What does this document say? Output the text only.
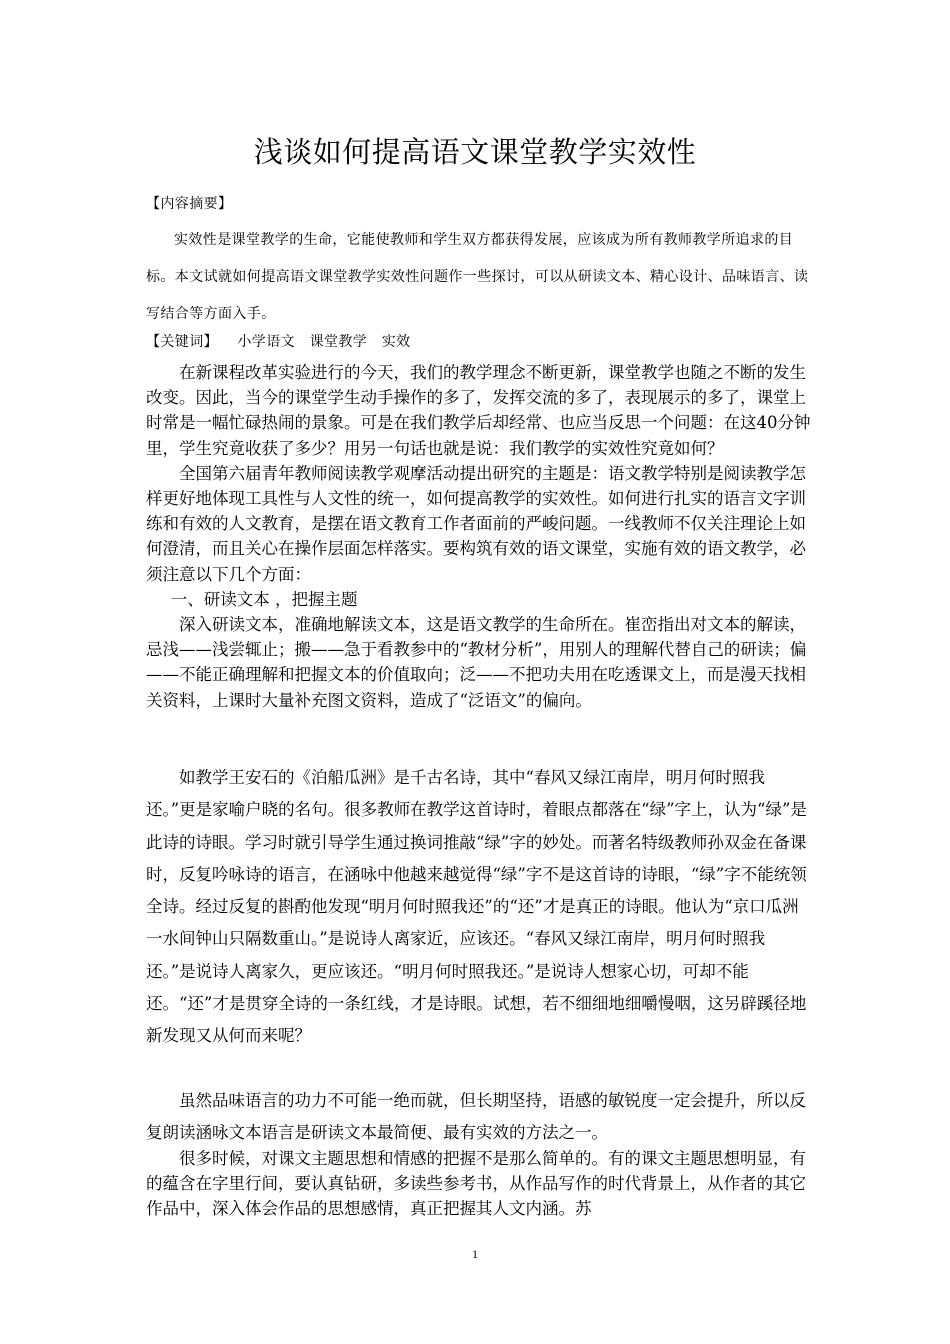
浅谈如何提高语文课堂教学实效性
【内容摘要】

实效性是课堂教学的生命，它能使教师和学生双方都获得发展，应该成为所有教师教学所追求的目标。本文试就如何提高语文课堂教学实效性问题作一些探讨，可以从研读文本、精心设计、品味语言、读写结合等方面入手。

【关键词】 小学语文 课堂教学 实效

在新课程改革实验进行的今天，我们的教学理念不断更新，课堂教学也随之不断的发生改变。因此，当今的课堂学生动手操作的多了，发挥交流的多了，表现展示的多了，课堂上时常是一幅忙碌热闹的景象。可是在我们教学后却经常、也应当反思一个问题：在这40分钟里，学生究竟收获了多少？用另一句话也就是说：我们教学的实效性究竟如何？

全国第六届青年教师阅读教学观摩活动提出研究的主题是：语文教学特别是阅读教学怎样更好地体现工具性与人文性的统一，如何提高教学的实效性。如何进行扎实的语言文字训练和有效的人文教育，是摆在语文教育工作者面前的严峻问题。一线教师不仅关注理论上如何澄清，而且关心在操作层面怎样落实。要构筑有效的语文课堂，实施有效的语文教学，必须注意以下几个方面：

一、研读文本 ，把握主题

深入研读文本，准确地解读文本，这是语文教学的生命所在。崔峦指出对文本的解读，忌浅——浅尝辄止；搬——急于看教参中的“教材分析”，用别人的理解代替自己的研读；偏——不能正确理解和把握文本的价值取向；泛——不把功夫用在吃透课文上，而是漫天找相关资料，上课时大量补充图文资料，造成了“泛语文”的偏向。

如教学王安石的《泊船瓜洲》是千古名诗，其中“春风又绿江南岸，明月何时照我还。”更是家喻户晓的名句。很多教师在教学这首诗时，着眼点都落在“绿”字上，认为“绿”是此诗的诗眼。学习时就引导学生通过换词推敲“绿”字的妙处。而著名特级教师孙双金在备课时，反复吟咏诗的语言，在涵咏中他越来越觉得“绿”字不是这首诗的诗眼，“绿”字不能统领全诗。经过反复的斟酌他发现“明月何时照我还”的“还”才是真正的诗眼。他认为“京口瓜洲一水间钟山只隔数重山。”是说诗人离家近，应该还。“春风又绿江南岸，明月何时照我还。”是说诗人离家久，更应该还。“明月何时照我还。”是说诗人想家心切，可却不能还。“还”才是贯穿全诗的一条红线，才是诗眼。试想，若不细细地细嚼慢咽，这另辟蹊径地新发现又从何而来呢？

虽然品味语言的功力不可能一绝而就，但长期坚持，语感的敏锐度一定会提升，所以反复朗读涵咏文本语言是研读文本最简便、最有实效的方法之一。

很多时候，对课文主题思想和情感的把握不是那么简单的。有的课文主题思想明显，有的蕴含在字里行间，要认真钻研，多读些参考书，从作品写作的时代背景上，从作者的其它作品中，深入体会作品的思想感情，真正把握其人文内涵。苏

1
